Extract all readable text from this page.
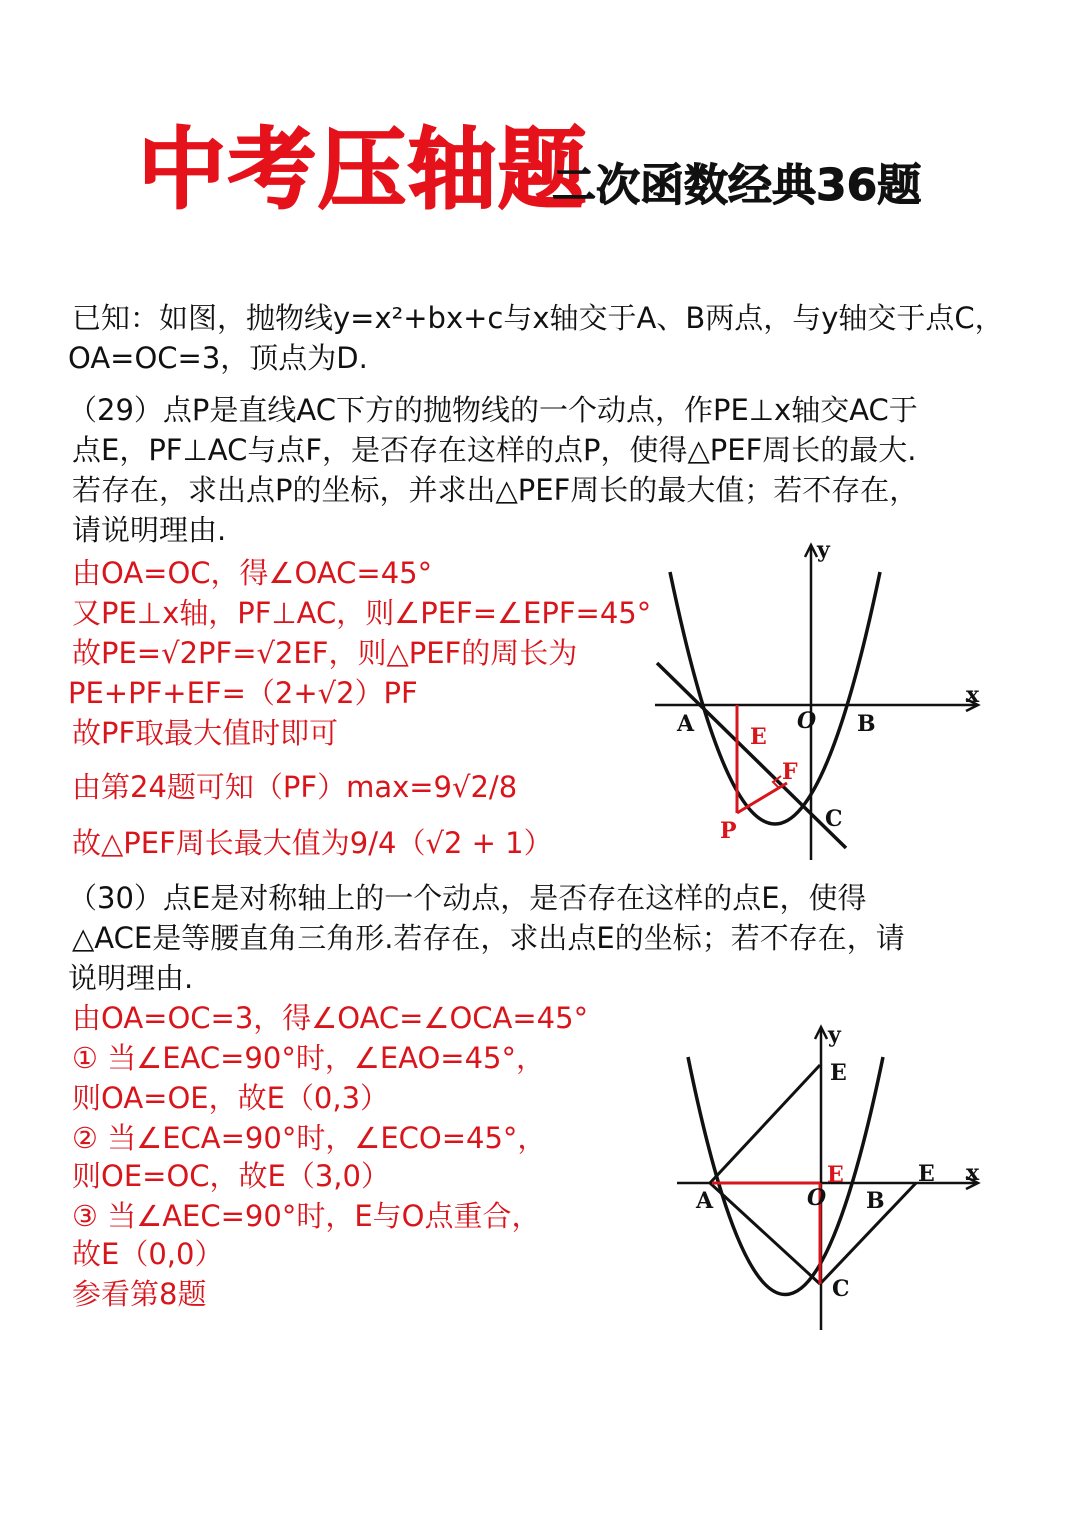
中考压轴题
二次函数经典36题
已知：如图，抛物线y=x²+bx+c与x轴交于A、B两点，与y轴交于点C，
OA=OC=3，顶点为D.
（29）点P是直线AC下方的抛物线的一个动点，作PE⊥x轴交AC于
点E，PF⊥AC与点F，是否存在这样的点P，使得△PEF周长的最大.
若存在，求出点P的坐标，并求出△PEF周长的最大值；若不存在，
请说明理由.
由OA=OC，得∠OAC=45°
又PE⊥x轴，PF⊥AC，则∠PEF=∠EPF=45°
故PE=√2PF=√2EF，则△PEF的周长为
PE+PF+EF=（2+√2）PF
故PF取最大值时即可
由第24题可知（PF）max=9√2/8
故△PEF周长最大值为9/4（√2 + 1）
（30）点E是对称轴上的一个动点，是否存在这样的点E，使得
△ACE是等腰直角三角形.若存在，求出点E的坐标；若不存在，请
说明理由.
由OA=OC=3，得∠OAC=∠OCA=45°
① 当∠EAC=90°时，∠EAO=45°，
则OA=OE，故E（0,3）
② 当∠ECA=90°时，∠ECO=45°，
则OE=OC，故E（3,0）
③ 当∠AEC=90°时，E与O点重合，
故E（0,0）
参看第8题
y
x
A	O B
E
F
C
P
y
x
A	O B
E
E	E
C
